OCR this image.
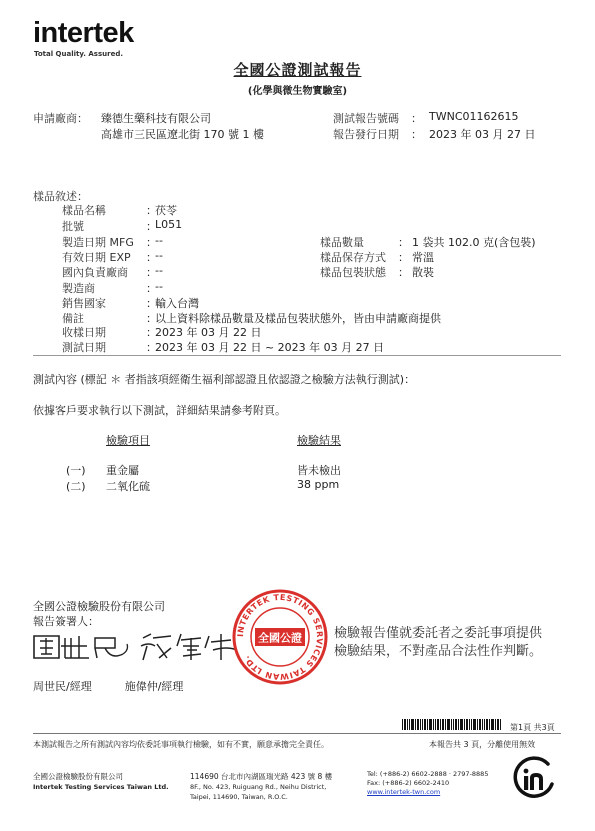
intertek
Total Quality. Assured.
全國公證測試報告
(化學與微生物實驗室)
申請廠商： 臻德生藥科技有限公司
高雄市三民區遼北街 170 號 1 樓
測試報告號碼 ： TWNC01162615
報告發行日期 ： 2023 年 03 月 27 日
樣品敘述：
樣品名稱	：
茯苓
批號	：
L051
製造日期 MFG ：
--
有效日期 EXP ：
--
國內負責廠商 ：
--
製造商	：
--
銷售國家	：
輸入台灣
備註	：
以上資料除樣品數量及樣品包裝狀態外，皆由申請廠商提供
收樣日期	：
2023 年 03 月 22 日
測試日期	：
2023 年 03 月 22 日 ~ 2023 年 03 月 27 日
樣品數量	： 1 袋共 102.0 克(含包裝)
樣品保存方式 ： 常溫
樣品包裝狀態 ： 散裝
測試內容 (標記 ＊ 者指該項經衛生福利部認證且依認證之檢驗方法執行測試)：
依據客戶要求執行以下測試，詳細結果請參考附頁。
檢驗項目	檢驗結果
(一) 重金屬	皆未檢出
(二) 二氧化硫	38 ppm
全國公證檢驗股份有限公司
報告簽署人：
周世民/經理　　　施偉仲/經理
INTERTEK TESTING SERVICES TAIWAN LTD.
全國公證 檢驗報告僅就委託者之委託事項提供
檢驗結果，不對產品合法性作判斷。
第1頁 共3頁
本測試報告之所有測試內容均依委託事項執行檢驗，如有不實，願意承擔完全責任。	本報告共 3 頁，分離使用無效
全國公證檢驗股份有限公司
Intertek Testing Services Taiwan Ltd.
114690 台北市內湖區瑞光路 423 號 8 樓
8F., No. 423, Ruiguang Rd., Neihu District,
Taipei, 114690, Taiwan, R.O.C.
Tel: (+886-2) 6602-2888 · 2797-8885
Fax: (+886-2) 6602-2410
www.intertek-twn.com
